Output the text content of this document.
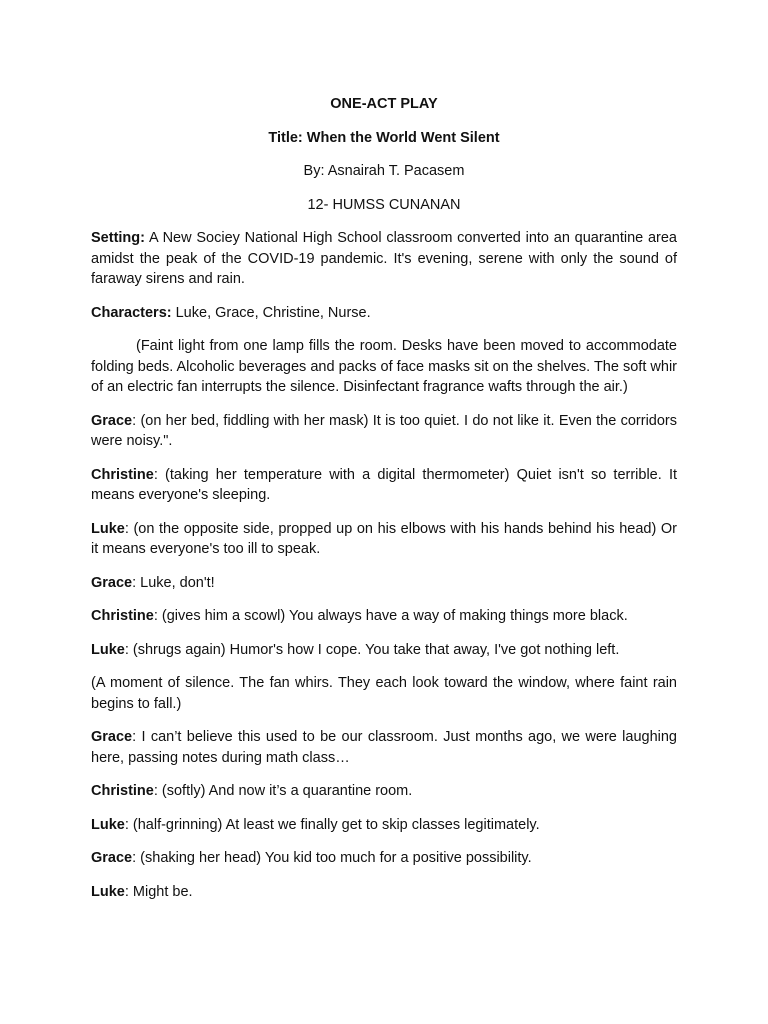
ONE-ACT PLAY
Title: When the World Went Silent
By: Asnairah T. Pacasem
12- HUMSS CUNANAN

Setting: A New Sociey National High School classroom converted into an quarantine area amidst the peak of the COVID-19 pandemic. It's evening, serene with only the sound of faraway sirens and rain.

Characters: Luke, Grace, Christine, Nurse.

(Faint light from one lamp fills the room. Desks have been moved to accommodate folding beds. Alcoholic beverages and packs of face masks sit on the shelves. The soft whir of an electric fan interrupts the silence. Disinfectant fragrance wafts through the air.)

Grace: (on her bed, fiddling with her mask) It is too quiet. I do not like it. Even the corridors were noisy.".

Christine: (taking her temperature with a digital thermometer) Quiet isn't so terrible. It means everyone's sleeping.

Luke: (on the opposite side, propped up on his elbows with his hands behind his head) Or it means everyone's too ill to speak.

Grace: Luke, don't!

Christine: (gives him a scowl) You always have a way of making things more black.

Luke: (shrugs again) Humor's how I cope. You take that away, I've got nothing left.

(A moment of silence. The fan whirs. They each look toward the window, where faint rain begins to fall.)

Grace: I can’t believe this used to be our classroom. Just months ago, we were laughing here, passing notes during math class…

Christine: (softly) And now it’s a quarantine room.

Luke: (half-grinning) At least we finally get to skip classes legitimately.

Grace: (shaking her head) You kid too much for a positive possibility.

Luke: Might be.
